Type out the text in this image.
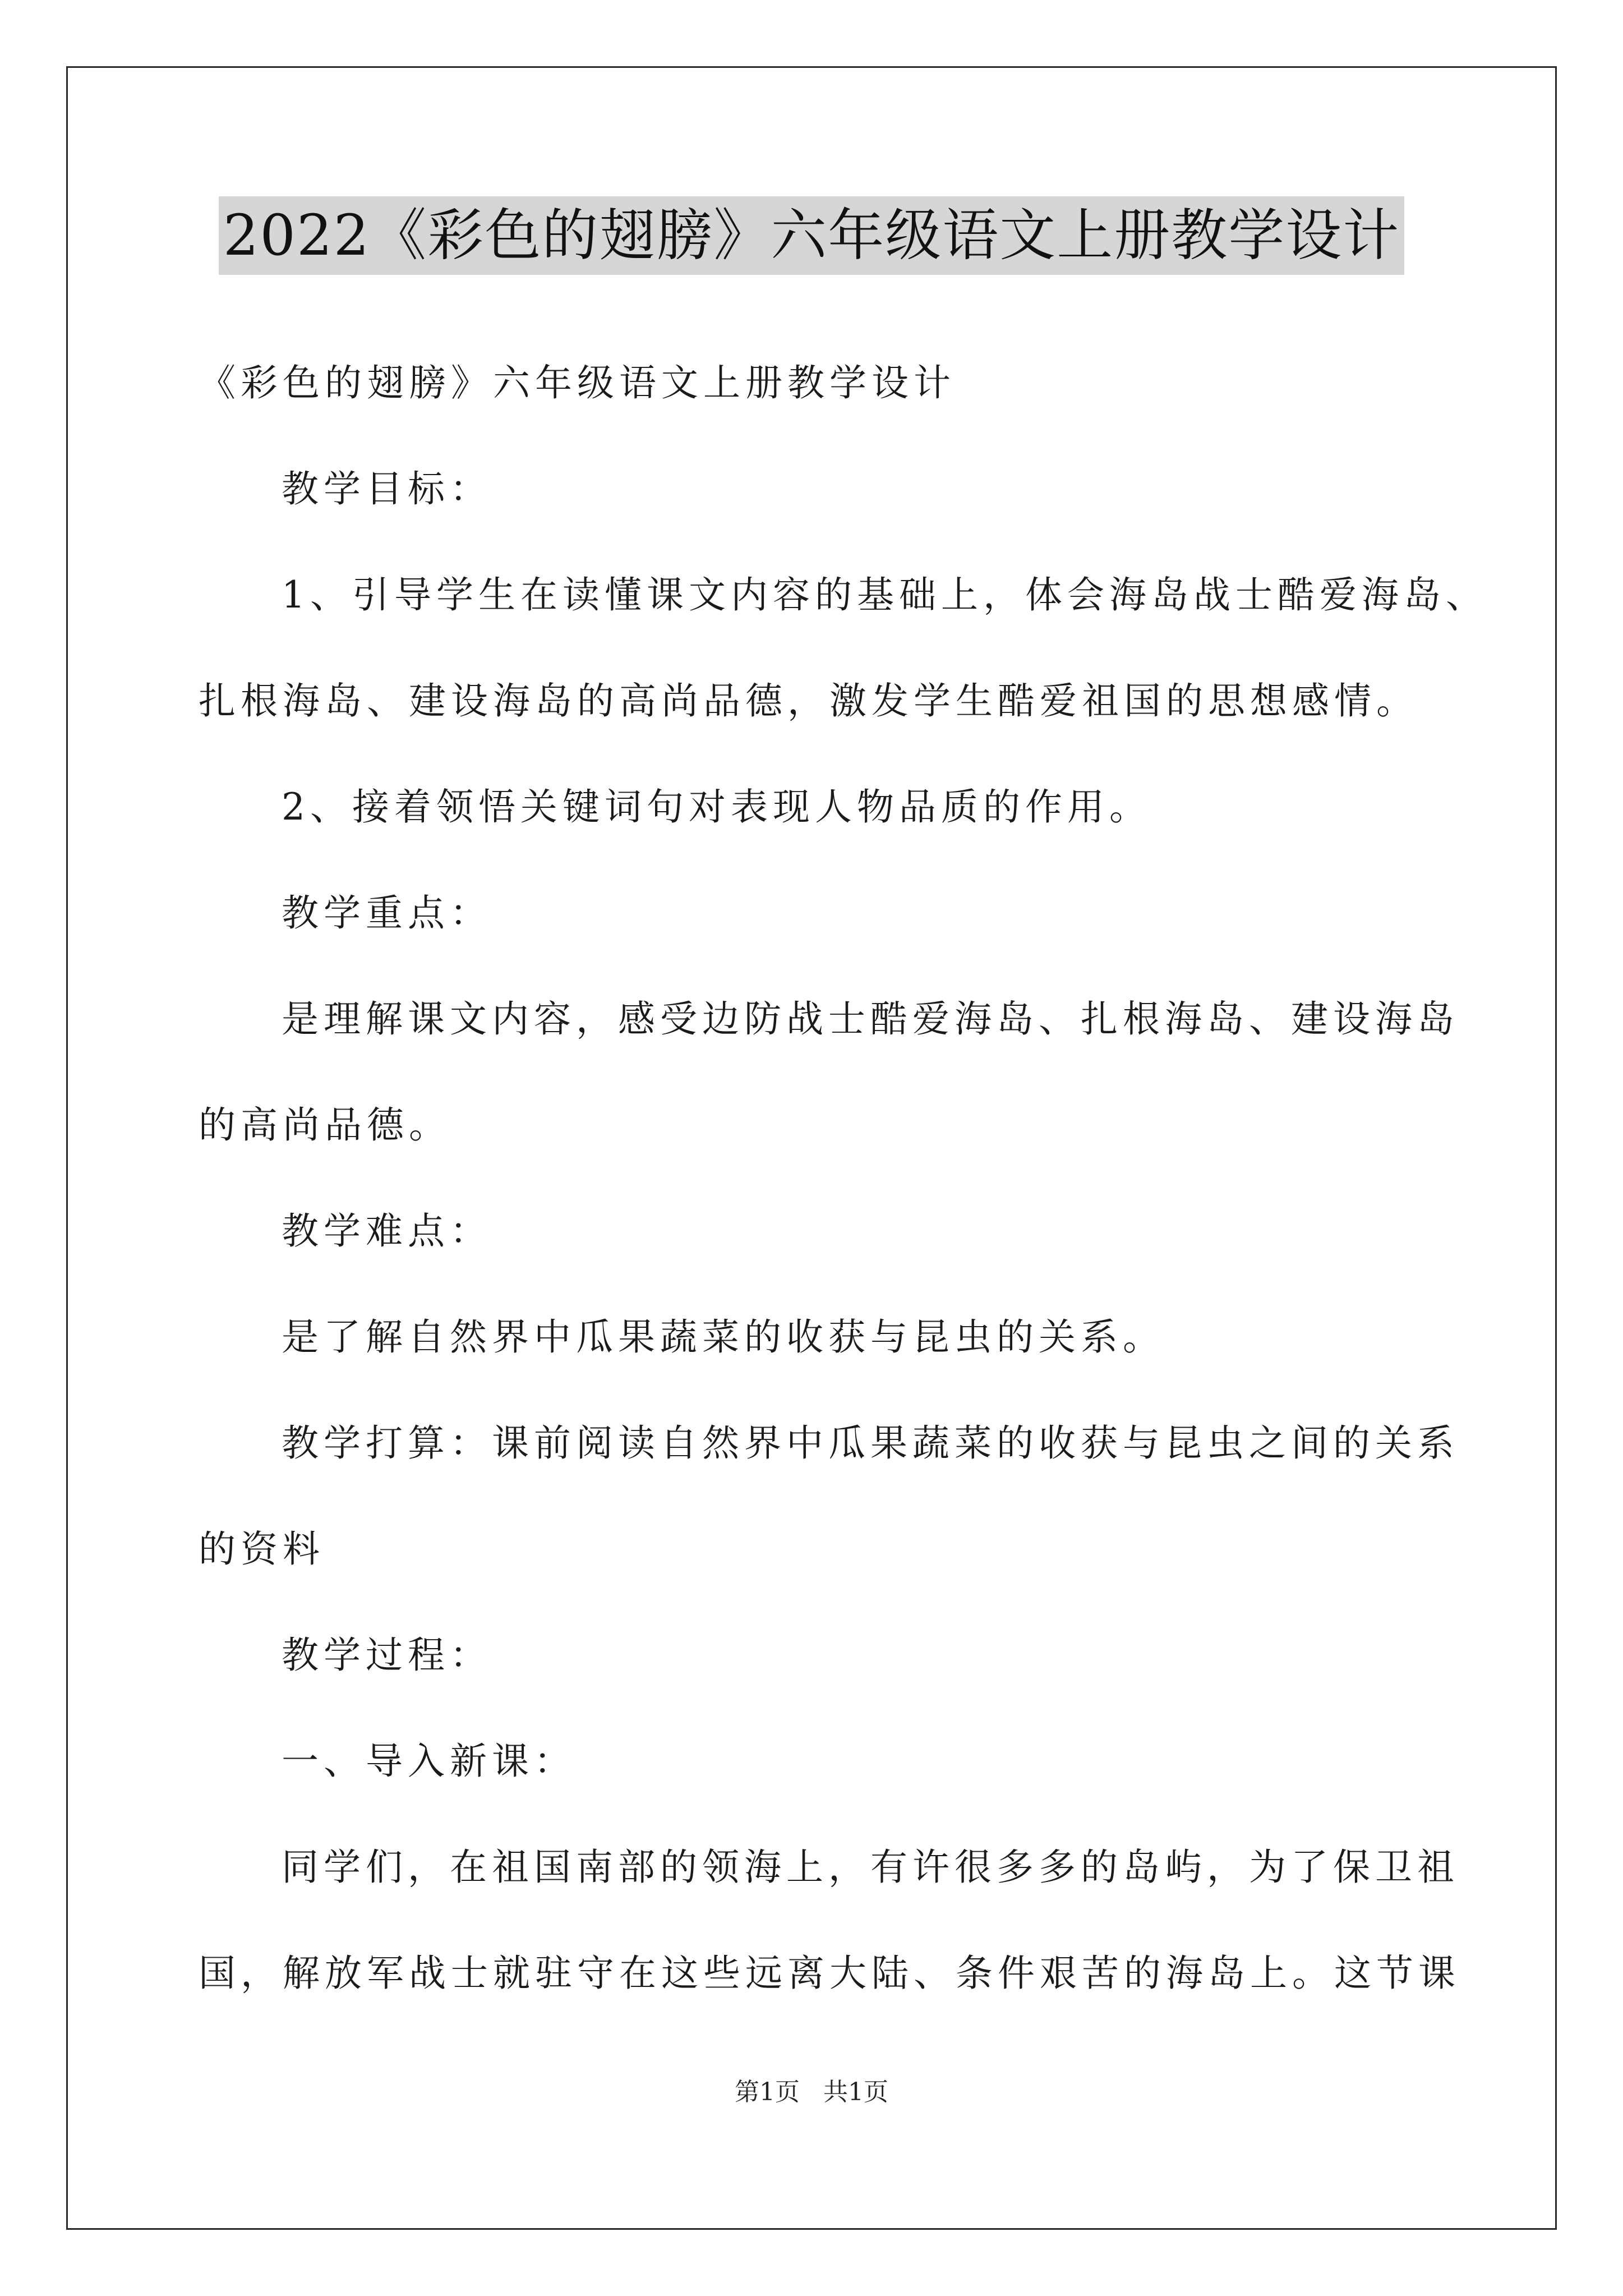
2022《彩色的翅膀》六年级语文上册教学设计
《彩色的翅膀》六年级语文上册教学设计
教学目标：
1、引导学生在读懂课文内容的基础上，体会海岛战士酷爱海岛、
扎根海岛、建设海岛的高尚品德，激发学生酷爱祖国的思想感情。
2、接着领悟关键词句对表现人物品质的作用。
教学重点：
是理解课文内容，感受边防战士酷爱海岛、扎根海岛、建设海岛
的高尚品德。
教学难点：
是了解自然界中瓜果蔬菜的收获与昆虫的关系。
教学打算：课前阅读自然界中瓜果蔬菜的收获与昆虫之间的关系
的资料
教学过程：
一、导入新课：
同学们，在祖国南部的领海上，有许很多多的岛屿，为了保卫祖
国，解放军战士就驻守在这些远离大陆、条件艰苦的海岛上。这节课
第1页   共1页
